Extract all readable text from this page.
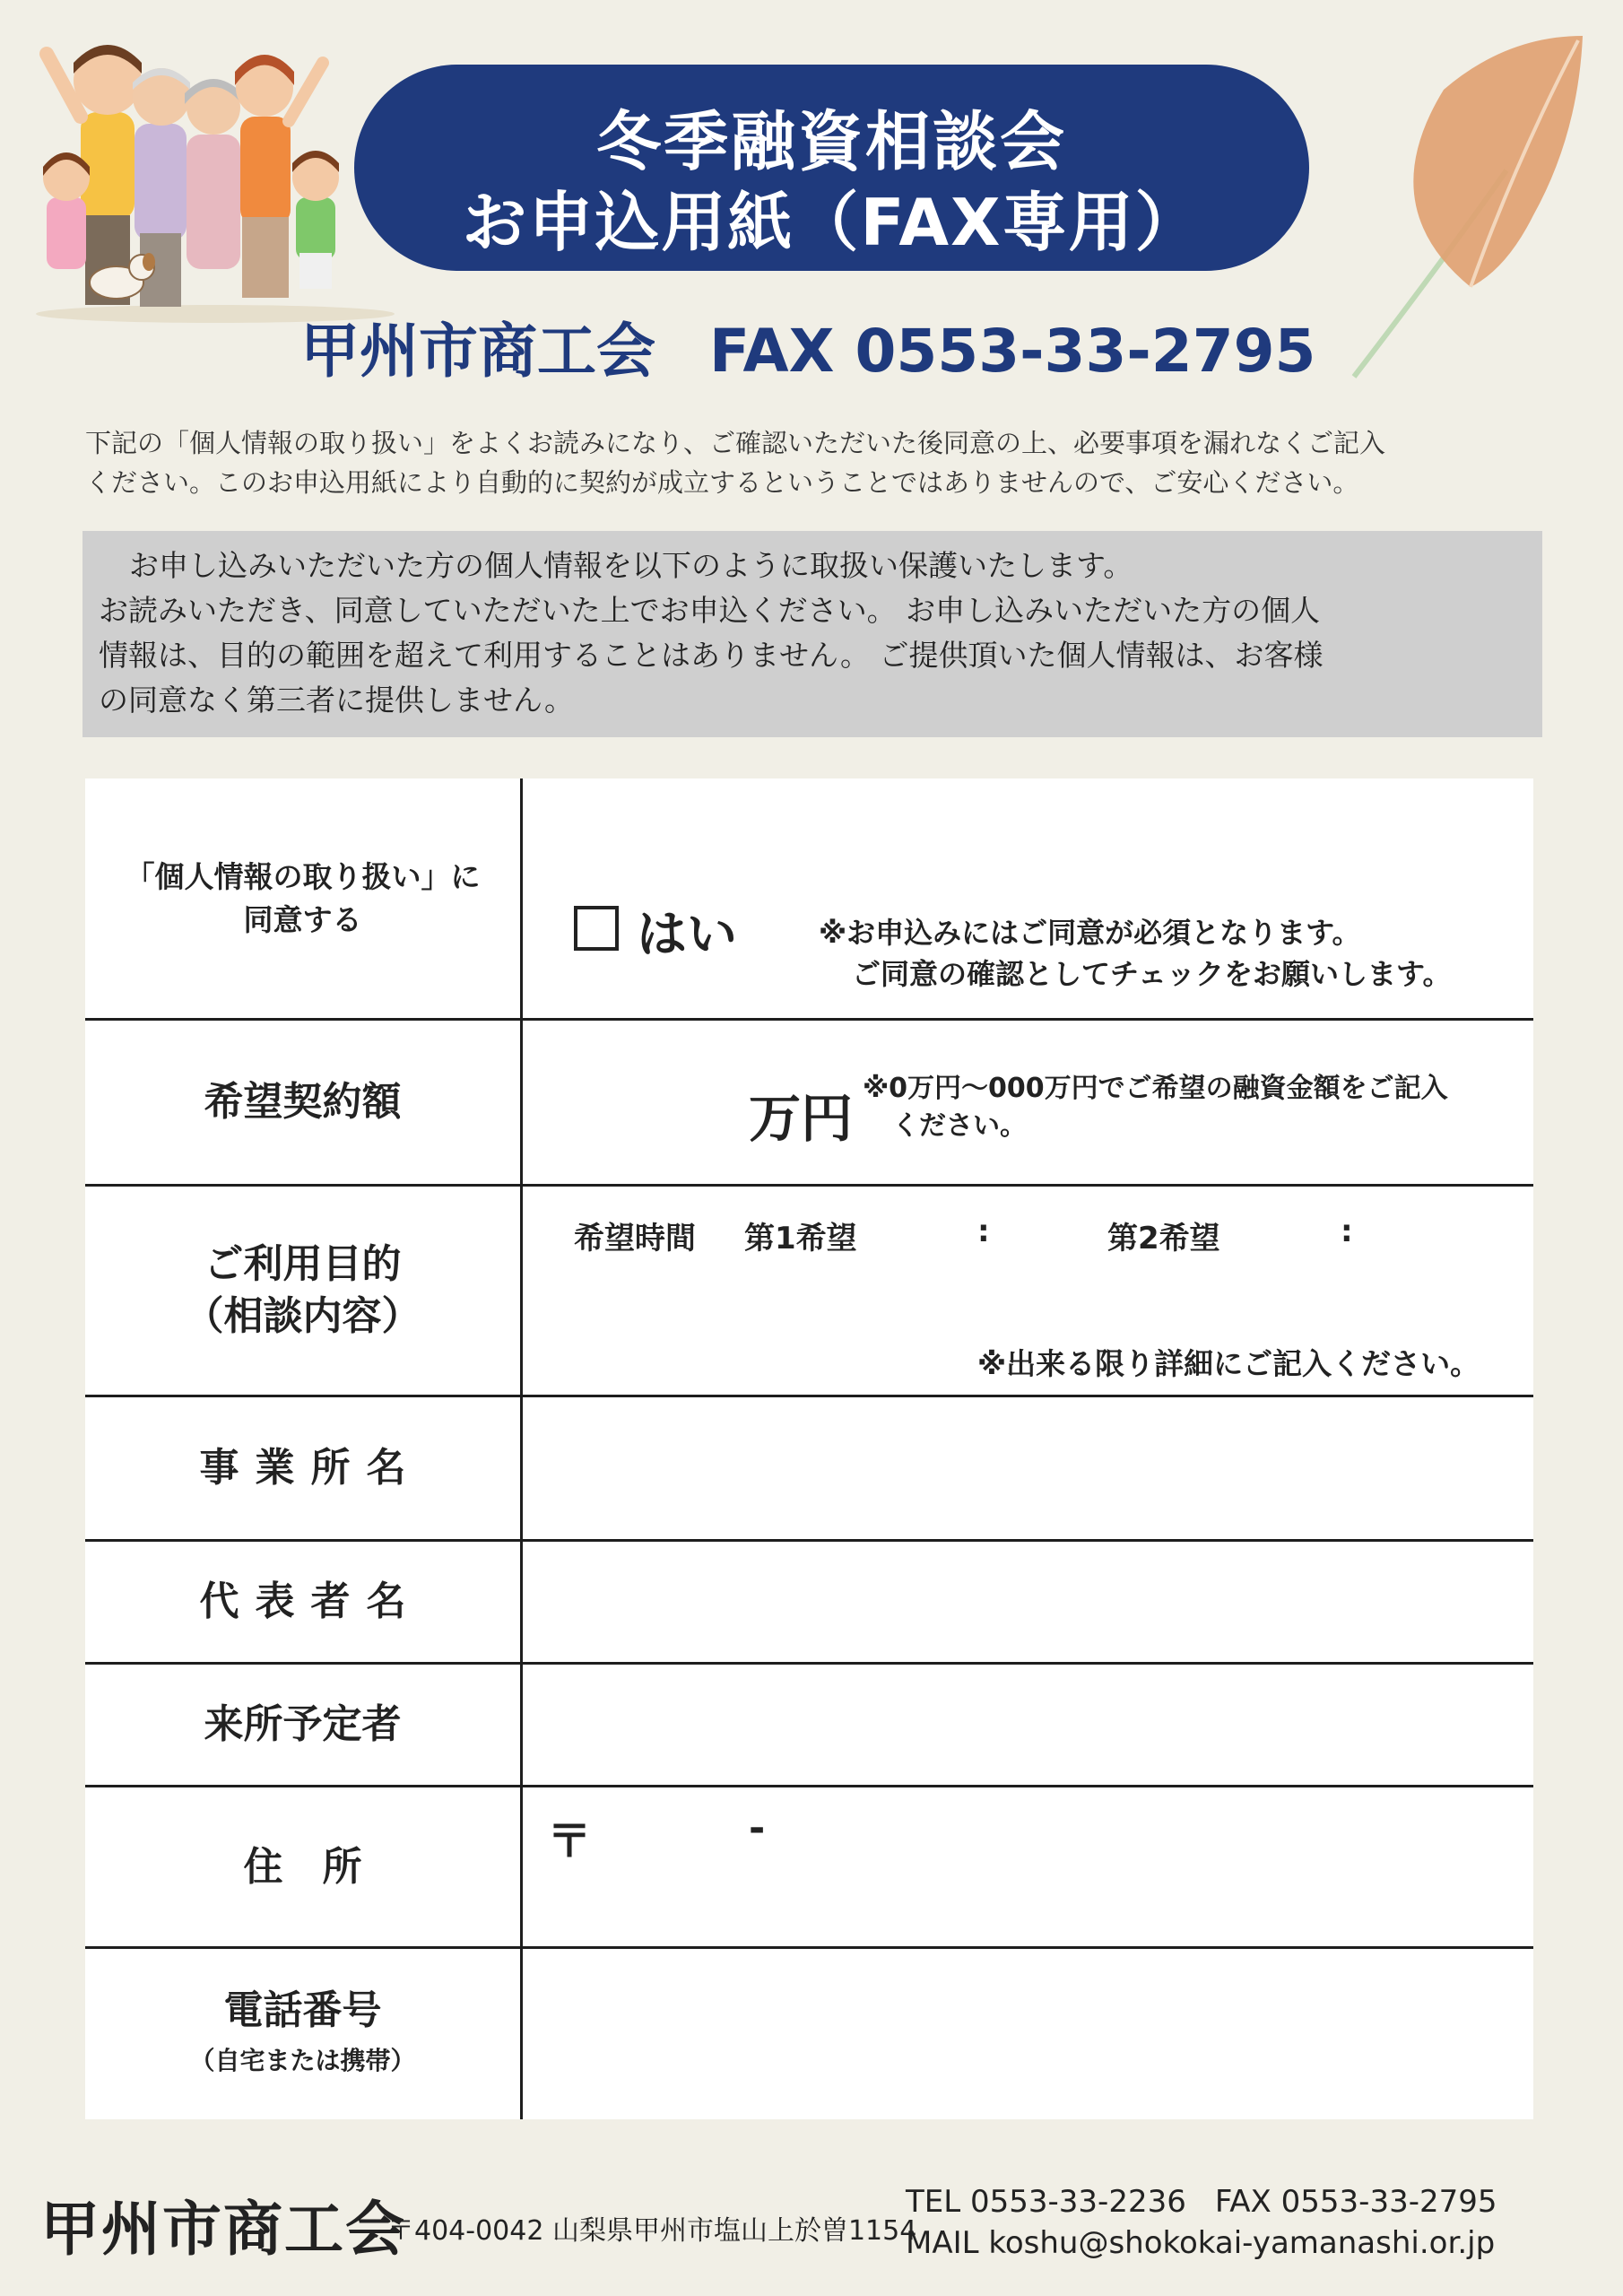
冬季融資相談会
お申込用紙（FAX専用）
甲州市商工会 FAX 0553-33-2795

下記の「個人情報の取り扱い」をよくお読みになり、ご確認いただいた後同意の上、必要事項を漏れなくご記入

ください。このお申込用紙により自動的に契約が成立するということではありませんので、ご安心ください。

お申し込みいただいた方の個人情報を以下のように取扱い保護いたします。

お読みいただき、同意していただいた上でお申込ください。 お申し込みいただいた方の個人

情報は、目的の範囲を超えて利用することはありません。 ご提供頂いた個人情報は、お客様

の同意なく第三者に提供しません。

「個人情報の取り扱い」に
同意する	はい	※お申込みにはご同意が必須となります。
ご同意の確認としてチェックをお願いします。
希望契約額	万円 ※0万円〜000万円でご希望の融資金額をご記入
ください。
ご利用目的
（相談内容）
希望時間 第1希望	:	第2希望	:
※出来る限り詳細にご記入ください。
事業所名
代表者名
来所予定者
住　所	〒	-
電話番号
（自宅または携帯）
甲州市商工会
〒404-0042 山梨県甲州市塩山上於曽1154
TEL 0553-33-2236 FAX 0553-33-2795
MAIL koshu@shokokai-yamanashi.or.jp
